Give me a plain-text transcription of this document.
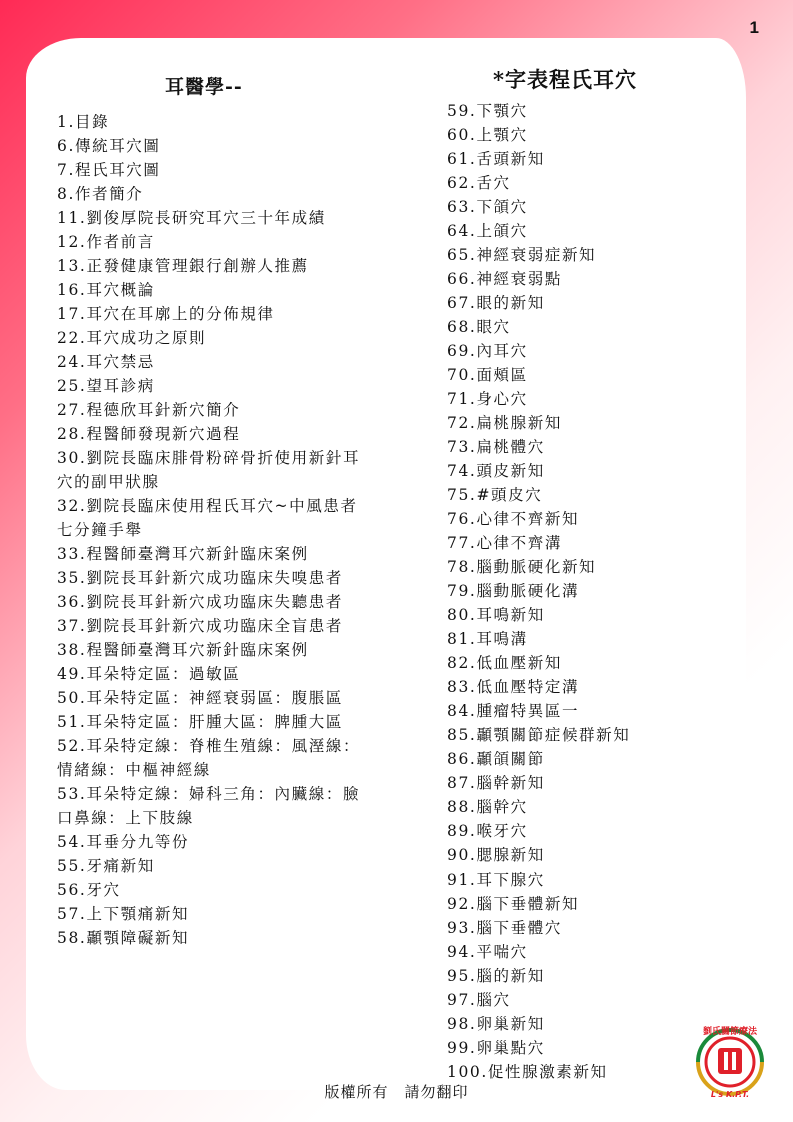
1
耳醫學--	*字表程氏耳穴
1.目錄
6.傳統耳穴圖
7.程氏耳穴圖
8.作者簡介
11.劉俊厚院長研究耳穴三十年成績
12.作者前言
13.正發健康管理銀行創辦人推薦
16.耳穴概論
17.耳穴在耳廓上的分佈規律
22.耳穴成功之原則
24.耳穴禁忌
25.望耳診病
27.程德欣耳針新穴簡介
28.程醫師發現新穴過程
30.劉院長臨床腓骨粉碎骨折使用新針耳穴的副甲狀腺
32.劉院長臨床使用程氏耳穴~中風患者七分鐘手舉
33.程醫師臺灣耳穴新針臨床案例
35.劉院長耳針新穴成功臨床失嗅患者
36.劉院長耳針新穴成功臨床失聽患者
37.劉院長耳針新穴成功臨床全盲患者
38.程醫師臺灣耳穴新針臨床案例
49.耳朵特定區：過敏區
50.耳朵特定區：神經衰弱區：腹脹區
51.耳朵特定區：肝腫大區：脾腫大區
52.耳朵特定線：脊椎生殖線：風溼線：情緒線：中樞神經線
53.耳朵特定線：婦科三角：內臟線：臉口鼻線：上下肢線
54.耳垂分九等份
55.牙痛新知
56.牙穴
57.上下顎痛新知
58.顳顎障礙新知
59.下顎穴
60.上顎穴
61.舌頭新知
62.舌穴
63.下頜穴
64.上頜穴
65.神經衰弱症新知
66.神經衰弱點
67.眼的新知
68.眼穴
69.內耳穴
70.面頰區
71.身心穴
72.扁桃腺新知
73.扁桃體穴
74.頭皮新知
75.#頭皮穴
76.心律不齊新知
77.心律不齊溝
78.腦動脈硬化新知
79.腦動脈硬化溝
80.耳鳴新知
81.耳鳴溝
82.低血壓新知
83.低血壓特定溝
84.腫瘤特異區一
85.顳顎關節症候群新知
86.顳頜關節
87.腦幹新知
88.腦幹穴
89.喉牙穴
90.腮腺新知
91.耳下腺穴
92.腦下垂體新知
93.腦下垂體穴
94.平喘穴
95.腦的新知
97.腦穴
98.卵巢新知
99.卵巢點穴
100.促性腺激素新知
版權所有　請勿翻印
劉氏關節療法
L's K.P.T.
